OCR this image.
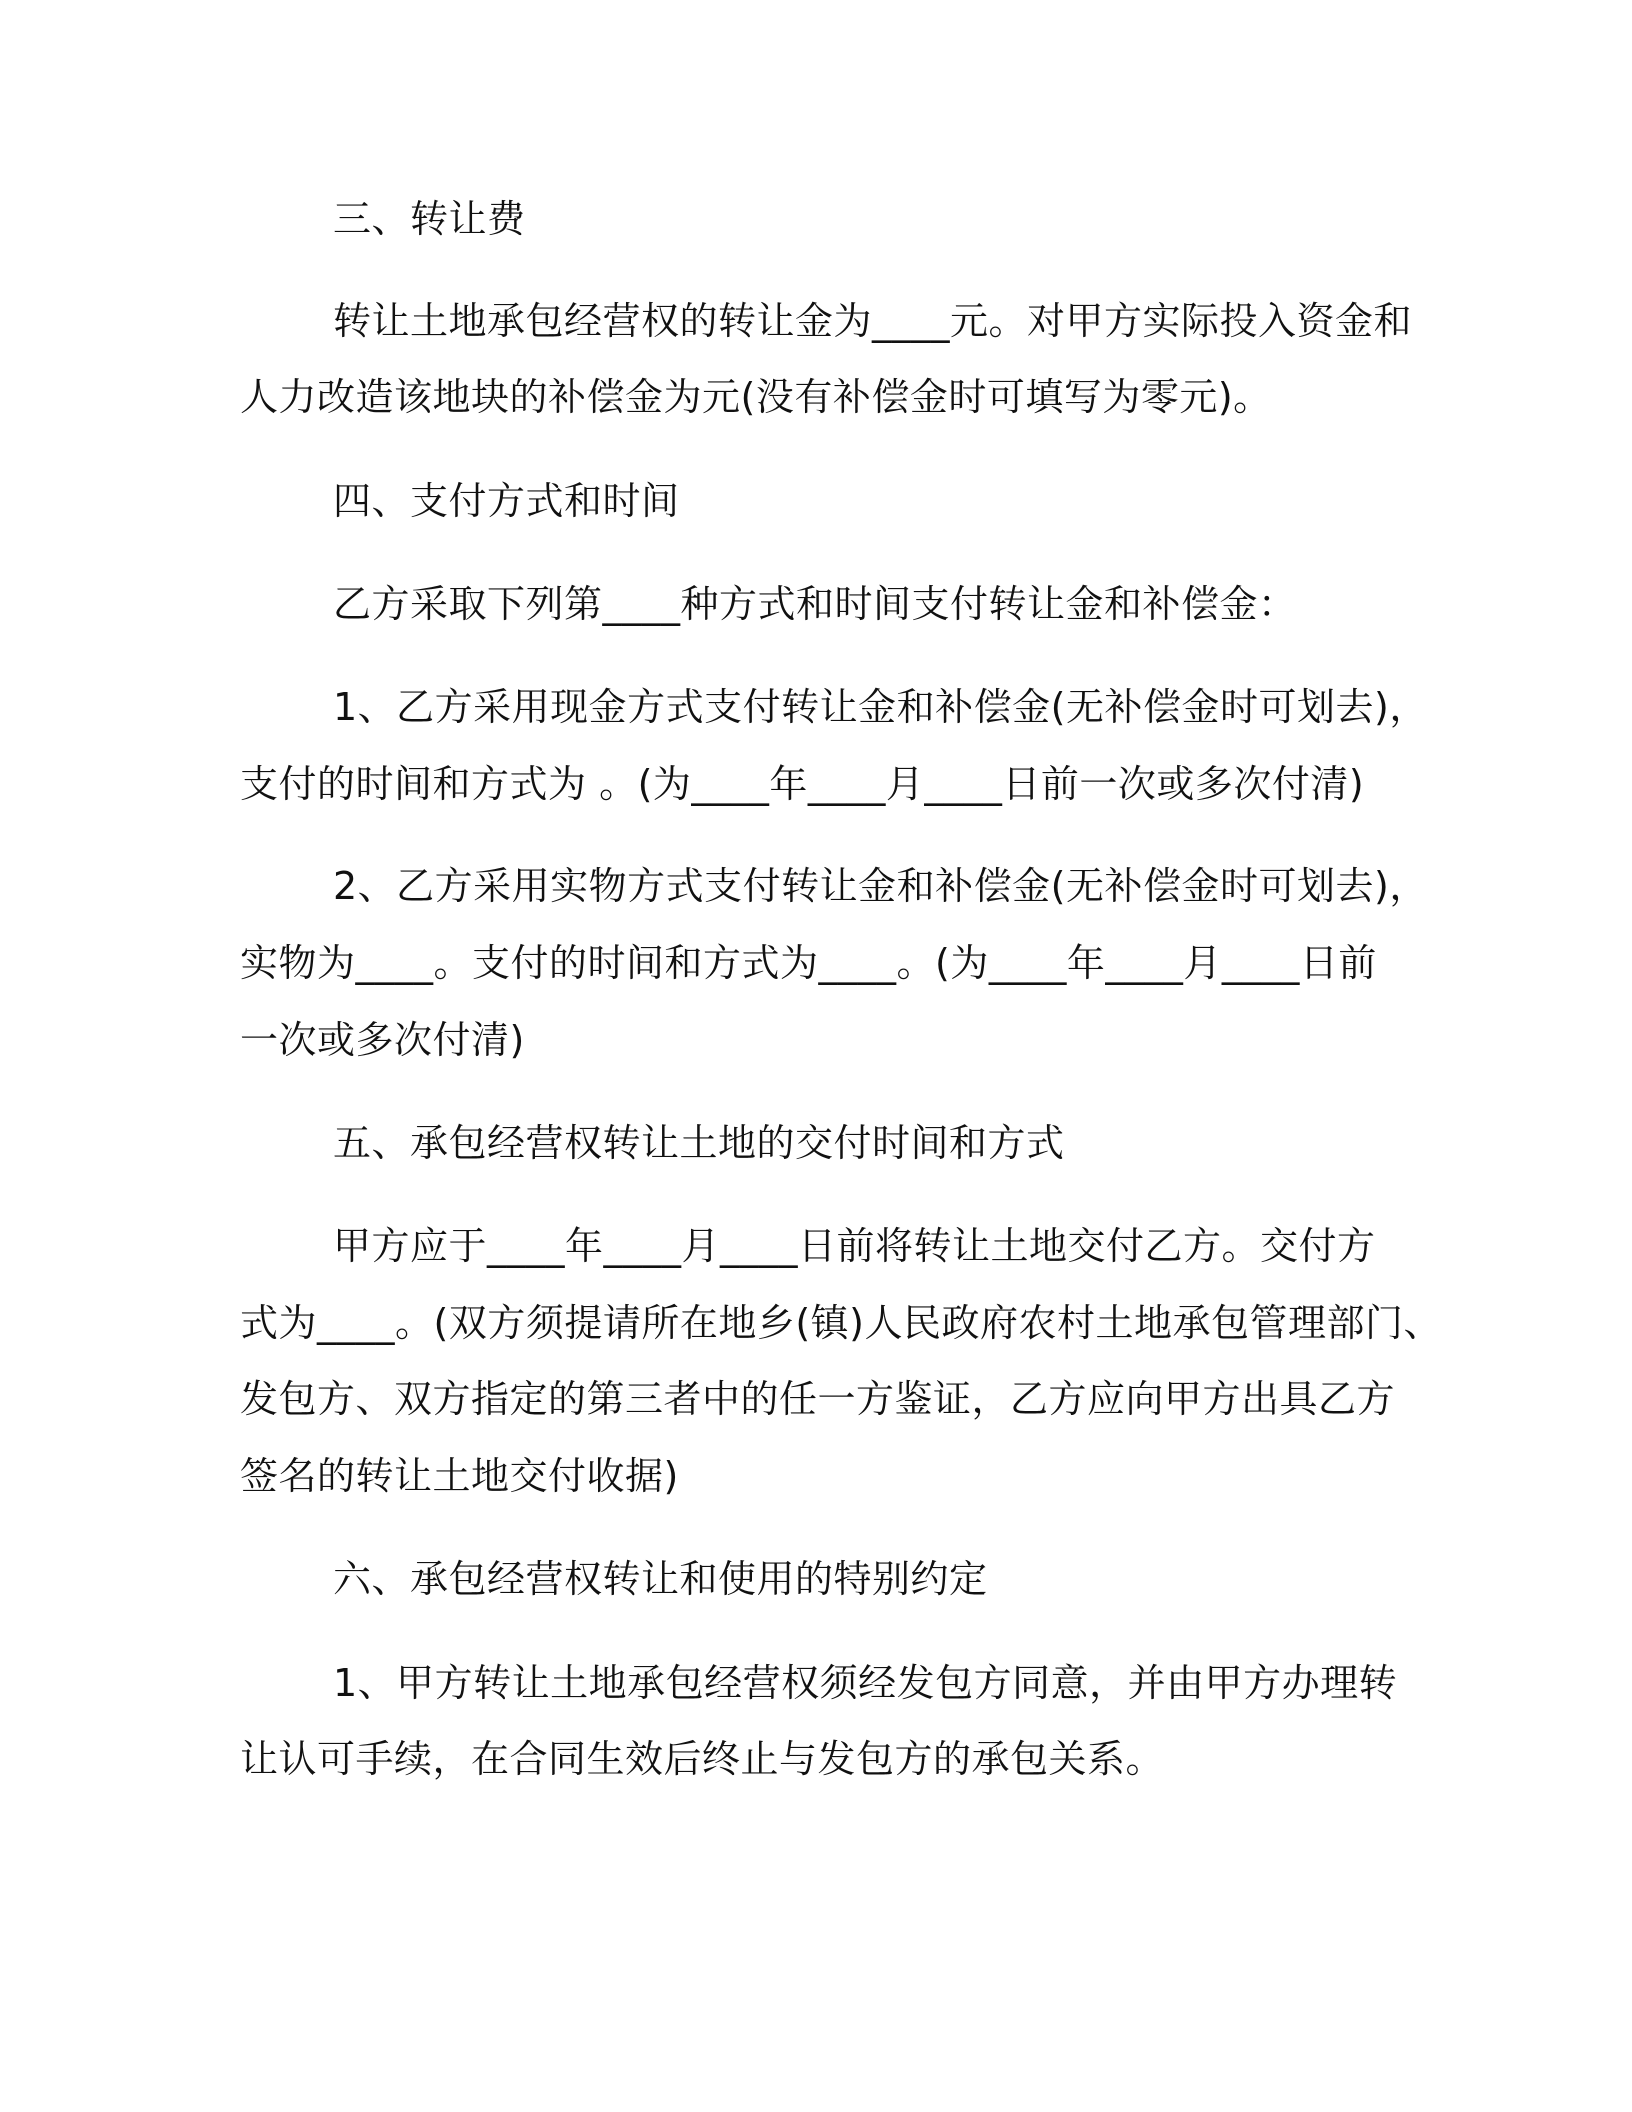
三、转让费
转让土地承包经营权的转让金为____元。对甲方实际投入资金和
人力改造该地块的补偿金为元(没有补偿金时可填写为零元)。
四、支付方式和时间
乙方采取下列第____种方式和时间支付转让金和补偿金：
1、乙方采用现金方式支付转让金和补偿金(无补偿金时可划去)，
支付的时间和方式为 。(为____年____月____日前一次或多次付清)
2、乙方采用实物方式支付转让金和补偿金(无补偿金时可划去)，
实物为____。支付的时间和方式为____。(为____年____月____日前
一次或多次付清)
五、承包经营权转让土地的交付时间和方式
甲方应于____年____月____日前将转让土地交付乙方。交付方
式为____。(双方须提请所在地乡(镇)人民政府农村土地承包管理部门、
发包方、双方指定的第三者中的任一方鉴证，乙方应向甲方出具乙方
签名的转让土地交付收据)
六、承包经营权转让和使用的特别约定
1、甲方转让土地承包经营权须经发包方同意，并由甲方办理转
让认可手续，在合同生效后终止与发包方的承包关系。
